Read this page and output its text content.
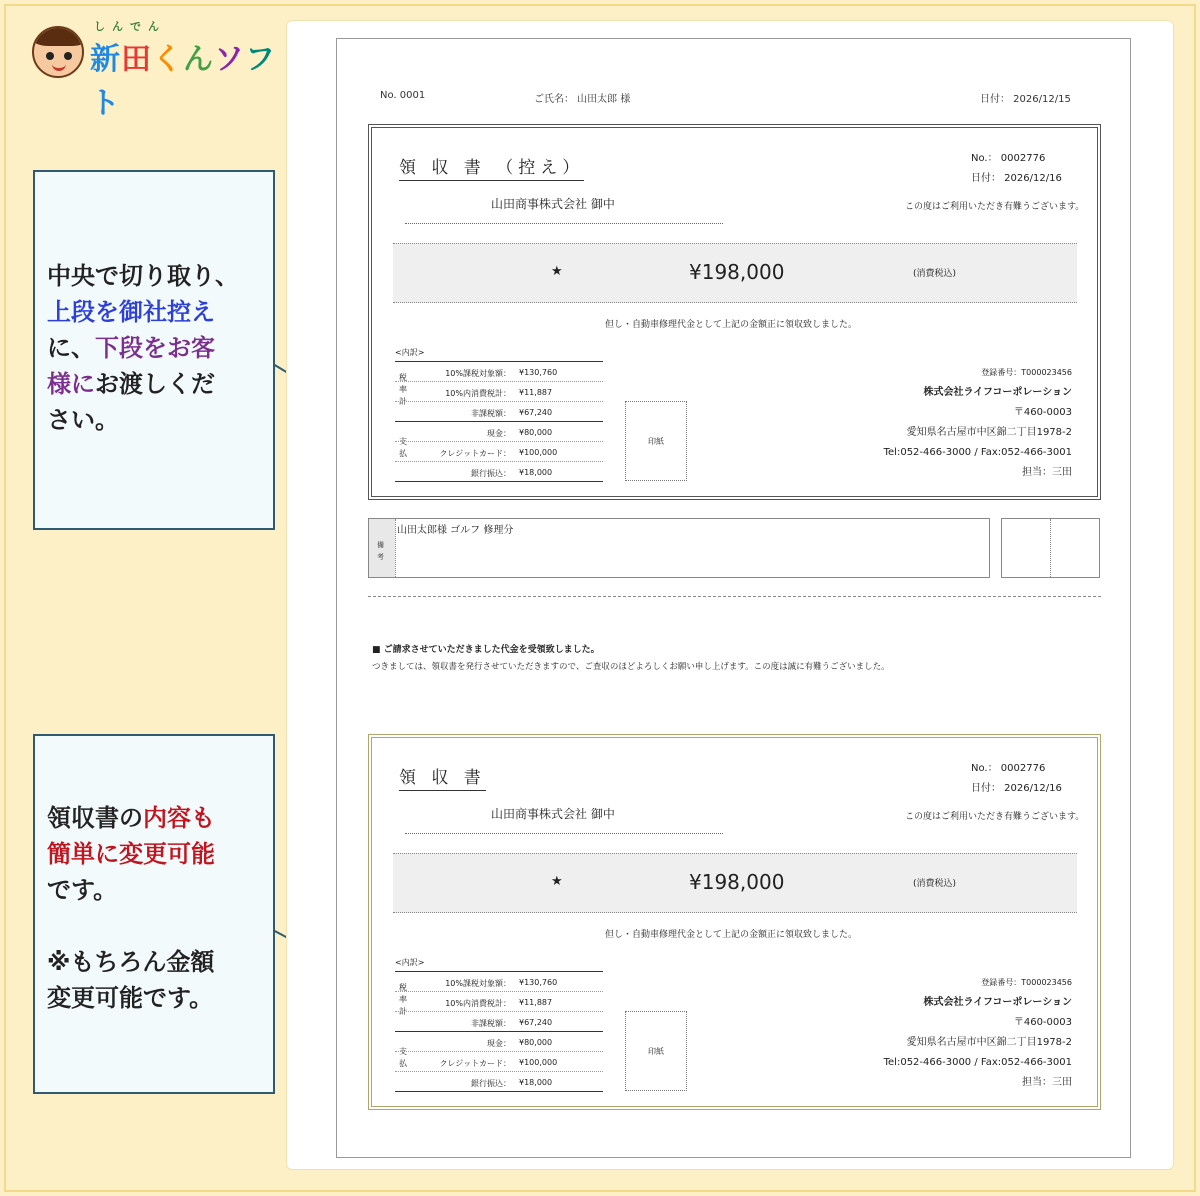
しんでん
新田くんソフト
中央で切り取り、
上段を御社控え
に、下段をお客
様にお渡しくだ
さい。
領収書の内容も
簡単に変更可能
です。
※もちろん金額
変更可能です。
No. 0001	ご氏名： 山田太郎 様	日付： 2026/12/15
領 収 書 （控え）	No.： 0002776
日付： 2026/12/16
山田商事株式会社 御中	この度はご利用いただき有難うございます。
★	¥198,000	(消費税込)
但し・自動車修理代金として上記の金額正に領収致しました。
<内訳>
税
率
計
支
払
10%課税対象額： ¥130,760
10%内消費税計： ¥11,887
非課税額： ¥67,240
現金： ¥80,000
クレジットカード： ¥100,000
銀行振込： ¥18,000
印紙
登録番号：T000023456
株式会社ライフコーポレーション
〒460-0003
愛知県名古屋市中区錦二丁目1978-2
Tel:052-466-3000 / Fax:052-466-3001
担当：三田
備
考
山田太郎様 ゴルフ 修理分
■ ご請求させていただきました代金を受領致しました。
つきましては、領収書を発行させていただきますので、ご査収のほどよろしくお願い申し上げます。この度は誠に有難うございました。
領 収 書	No.： 0002776
日付： 2026/12/16
山田商事株式会社 御中	この度はご利用いただき有難うございます。
★	¥198,000	(消費税込)
但し・自動車修理代金として上記の金額正に領収致しました。
<内訳>
税
率
計
支
払
10%課税対象額： ¥130,760
10%内消費税計： ¥11,887
非課税額： ¥67,240
現金： ¥80,000
クレジットカード： ¥100,000
銀行振込： ¥18,000
印紙
登録番号：T000023456
株式会社ライフコーポレーション
〒460-0003
愛知県名古屋市中区錦二丁目1978-2
Tel:052-466-3000 / Fax:052-466-3001
担当：三田
